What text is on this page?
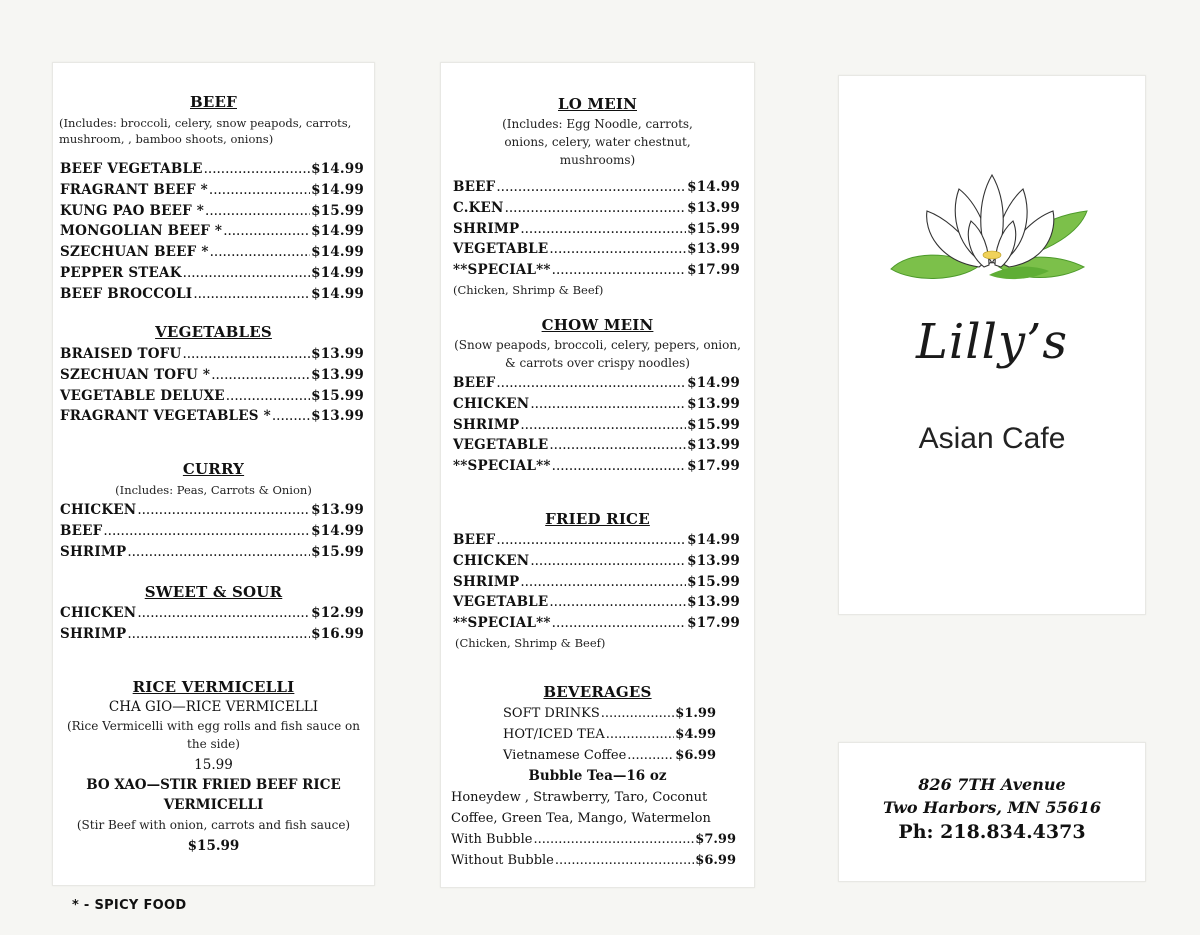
BEEF
(Includes: broccoli, celery, snow peapods, carrots, mushroom, , bamboo shoots, onions)
BEEF VEGETABLE .....	$14.99
FRAGRANT BEEF * .....	$14.99
KUNG PAO BEEF * .....	$15.99
MONGOLIAN BEEF * .....	$14.99
SZECHUAN BEEF * .....	$14.99
PEPPER STEAK .....	$14.99
BEEF BROCCOLI .....	$14.99
VEGETABLES
BRAISED TOFU .....	$13.99
SZECHUAN TOFU * .....	$13.99
VEGETABLE DELUXE .....	$15.99
FRAGRANT VEGETABLES * .....	$13.99
CURRY
(Includes: Peas, Carrots & Onion)
CHICKEN .....	$13.99
BEEF .....	$14.99
SHRIMP .....	$15.99
SWEET & SOUR
CHICKEN .....	$12.99
SHRIMP .....	$16.99
RICE VERMICELLI
CHA GIO—RICE VERMICELLI
(Rice Vermicelli with egg rolls and fish sauce on the side)
15.99
BO XAO—STIR FRIED BEEF RICE VERMICELLI
(Stir Beef with onion, carrots and fish sauce)
$15.99
* - SPICY FOOD
LO MEIN
(Includes: Egg Noodle, carrots, onions, celery, water chestnut, mushrooms)
BEEF .....	$14.99
C.KEN .....	$13.99
SHRIMP .....	$15.99
VEGETABLE .....	$13.99
**SPECIAL** .....	$17.99
(Chicken, Shrimp & Beef)
CHOW MEIN
(Snow peapods, broccoli, celery, pepers, onion, & carrots over crispy noodles)
BEEF .....	$14.99
CHICKEN .....	$13.99
SHRIMP .....	$15.99
VEGETABLE .....	$13.99
**SPECIAL** .....	$17.99
FRIED RICE
BEEF .....	$14.99
CHICKEN .....	$13.99
SHRIMP .....	$15.99
VEGETABLE .....	$13.99
**SPECIAL** .....	$17.99
(Chicken, Shrimp & Beef)
BEVERAGES
SOFT DRINKS .....	$1.99
HOT/ICED TEA .....	$4.99
Vietnamese Coffee .....	$6.99
Bubble Tea—16 oz
Honeydew , Strawberry, Taro, Coconut
Coffee, Green Tea, Mango, Watermelon
With Bubble .....	$7.99
Without Bubble .....	$6.99
Lilly’s
Asian Cafe
826 7TH Avenue
Two Harbors, MN 55616
Ph: 218.834.4373
